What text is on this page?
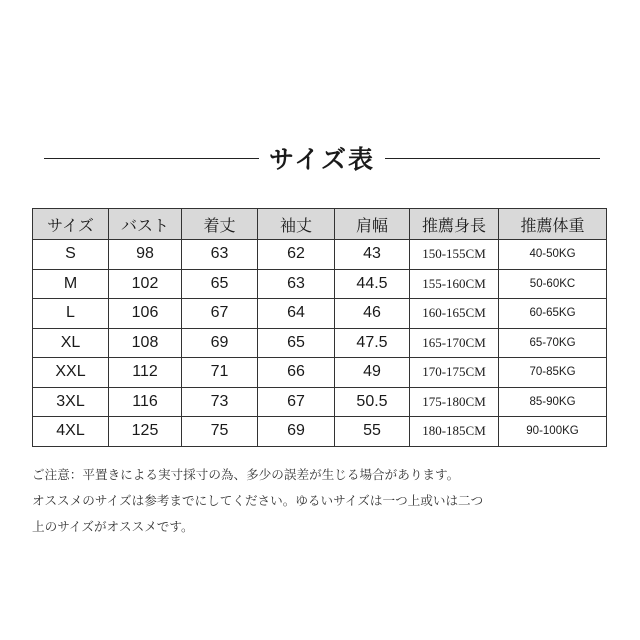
サイズ表
サイズ	バスト	着丈	袖丈	肩幅	推薦身長	推薦体重
S	98	63	62	43	150-155CM	40-50KG
M	102	65	63	44.5	155-160CM	50-60KC
L	106	67	64	46	160-165CM	60-65KG
XL	108	69	65	47.5	165-170CM	65-70KG
XXL	112	71	66	49	170-175CM	70-85KG
3XL	116	73	67	50.5	175-180CM	85-90KG
4XL	125	75	69	55	180-185CM	90-100KG

ご注意：平置きによる実寸採寸の為、多少の誤差が生じる場合があります。

オススメのサイズは参考までにしてください。ゆるいサイズは一つ上或いは二つ

上のサイズがオススメです。
